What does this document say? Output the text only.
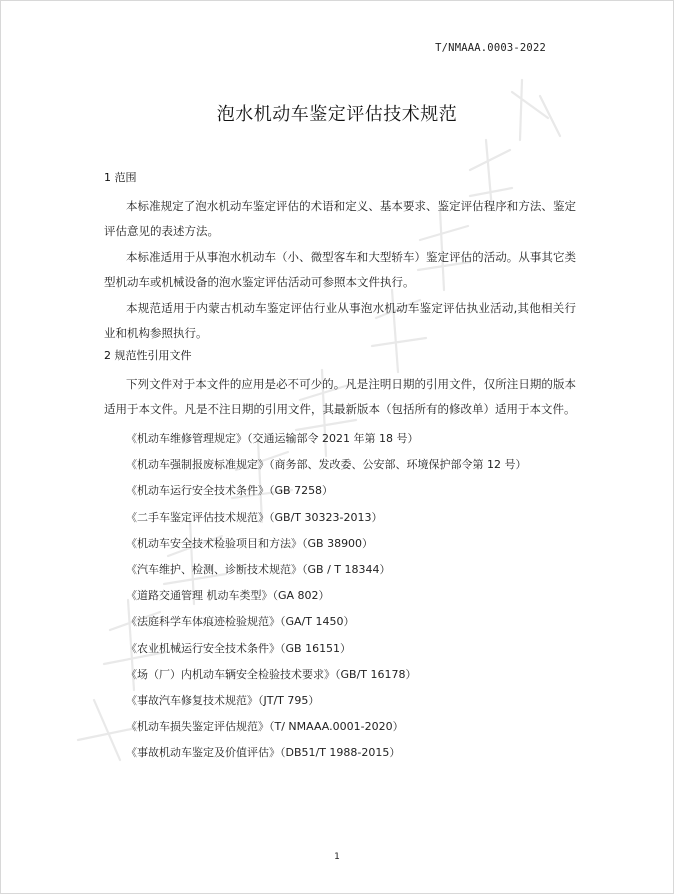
T/NMAAA.0003-2022
泡水机动车鉴定评估技术规范
1 范围

本标准规定了泡水机动车鉴定评估的术语和定义、基本要求、鉴定评估程序和方法、鉴定评估意见的表述方法。

本标准适用于从事泡水机动车（小、微型客车和大型轿车）鉴定评估的活动。从事其它类型机动车或机械设备的泡水鉴定评估活动可参照本文件执行。

本规范适用于内蒙古机动车鉴定评估行业从事泡水机动车鉴定评估执业活动,其他相关行业和机构参照执行。

2 规范性引用文件

下列文件对于本文件的应用是必不可少的。凡是注明日期的引用文件，仅所注日期的版本适用于本文件。凡是不注日期的引用文件，其最新版本（包括所有的修改单）适用于本文件。

《机动车维修管理规定》（交通运输部令 2021 年第 18 号）
《机动车强制报废标准规定》（商务部、发改委、公安部、环境保护部令第 12 号）
《机动车运行安全技术条件》（GB 7258）
《二手车鉴定评估技术规范》（GB/T 30323-2013）
《机动车安全技术检验项目和方法》（GB 38900）
《汽车维护、检测、诊断技术规范》（GB / T 18344）
《道路交通管理 机动车类型》（GA 802）
《法庭科学车体痕迹检验规范》（GA/T 1450）
《农业机械运行安全技术条件》（GB 16151）
《场（厂）内机动车辆安全检验技术要求》（GB/T 16178）
《事故汽车修复技术规范》（JT/T 795）
《机动车损失鉴定评估规范》（T/ NMAAA.0001-2020）
《事故机动车鉴定及价值评估》（DB51/T 1988-2015）
1
